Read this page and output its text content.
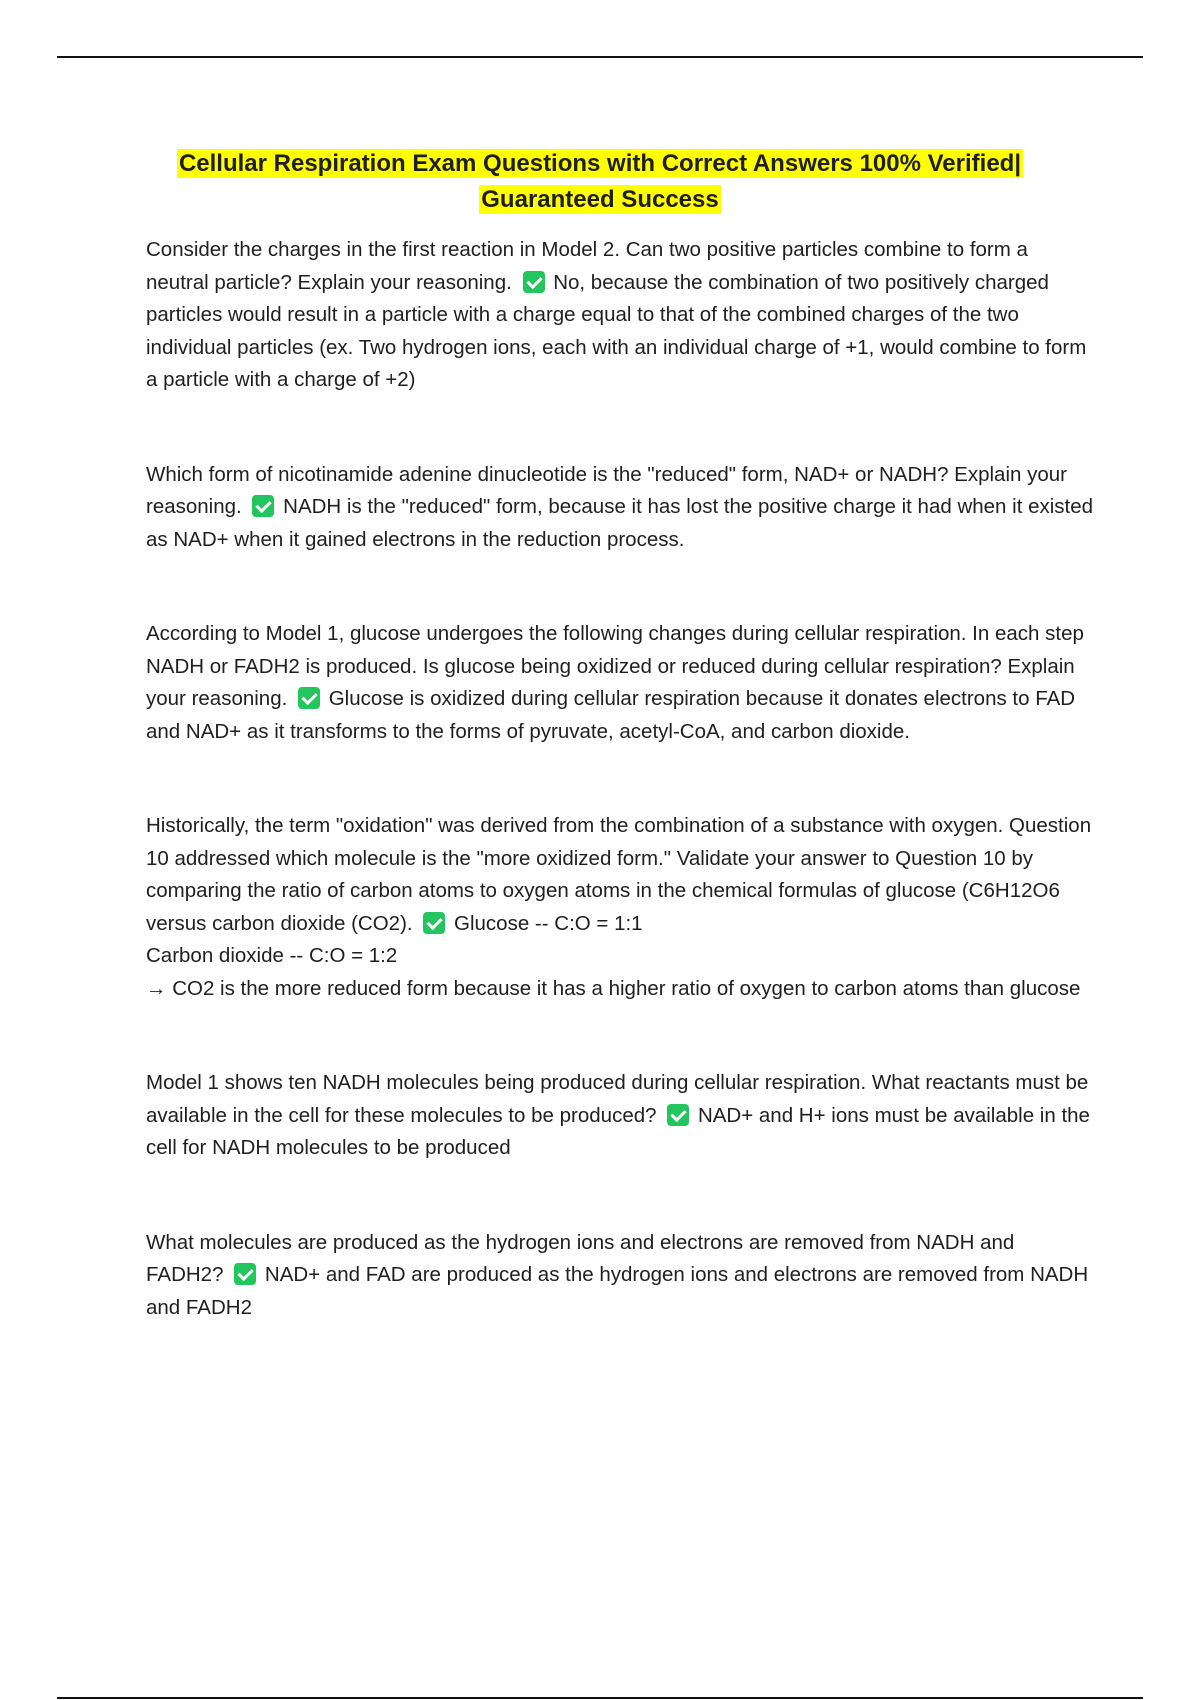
Cellular Respiration Exam Questions with Correct Answers 100% Verified|
Guaranteed Success

Consider the charges in the first reaction in Model 2. Can two positive particles combine to form a neutral particle? Explain your reasoning. No, because the combination of two positively charged particles would result in a particle with a charge equal to that of the combined charges of the two individual particles (ex. Two hydrogen ions, each with an individual charge of +1, would combine to form a particle with a charge of +2)

Which form of nicotinamide adenine dinucleotide is the "reduced" form, NAD+ or NADH? Explain your reasoning. NADH is the "reduced" form, because it has lost the positive charge it had when it existed as NAD+ when it gained electrons in the reduction process.

According to Model 1, glucose undergoes the following changes during cellular respiration. In each step NADH or FADH2 is produced. Is glucose being oxidized or reduced during cellular respiration? Explain your reasoning. Glucose is oxidized during cellular respiration because it donates electrons to FAD and NAD+ as it transforms to the forms of pyruvate, acetyl-CoA, and carbon dioxide.

Historically, the term "oxidation" was derived from the combination of a substance with oxygen. Question 10 addressed which molecule is the "more oxidized form." Validate your answer to Question 10 by comparing the ratio of carbon atoms to oxygen atoms in the chemical formulas of glucose (C6H12O6 versus carbon dioxide (CO2). Glucose -- C:O = 1:1

Carbon dioxide -- C:O = 1:2

→ CO2 is the more reduced form because it has a higher ratio of oxygen to carbon atoms than glucose

Model 1 shows ten NADH molecules being produced during cellular respiration. What reactants must be available in the cell for these molecules to be produced? NAD+ and H+ ions must be available in the cell for NADH molecules to be produced

What molecules are produced as the hydrogen ions and electrons are removed from NADH and FADH2? NAD+ and FAD are produced as the hydrogen ions and electrons are removed from NADH and FADH2
